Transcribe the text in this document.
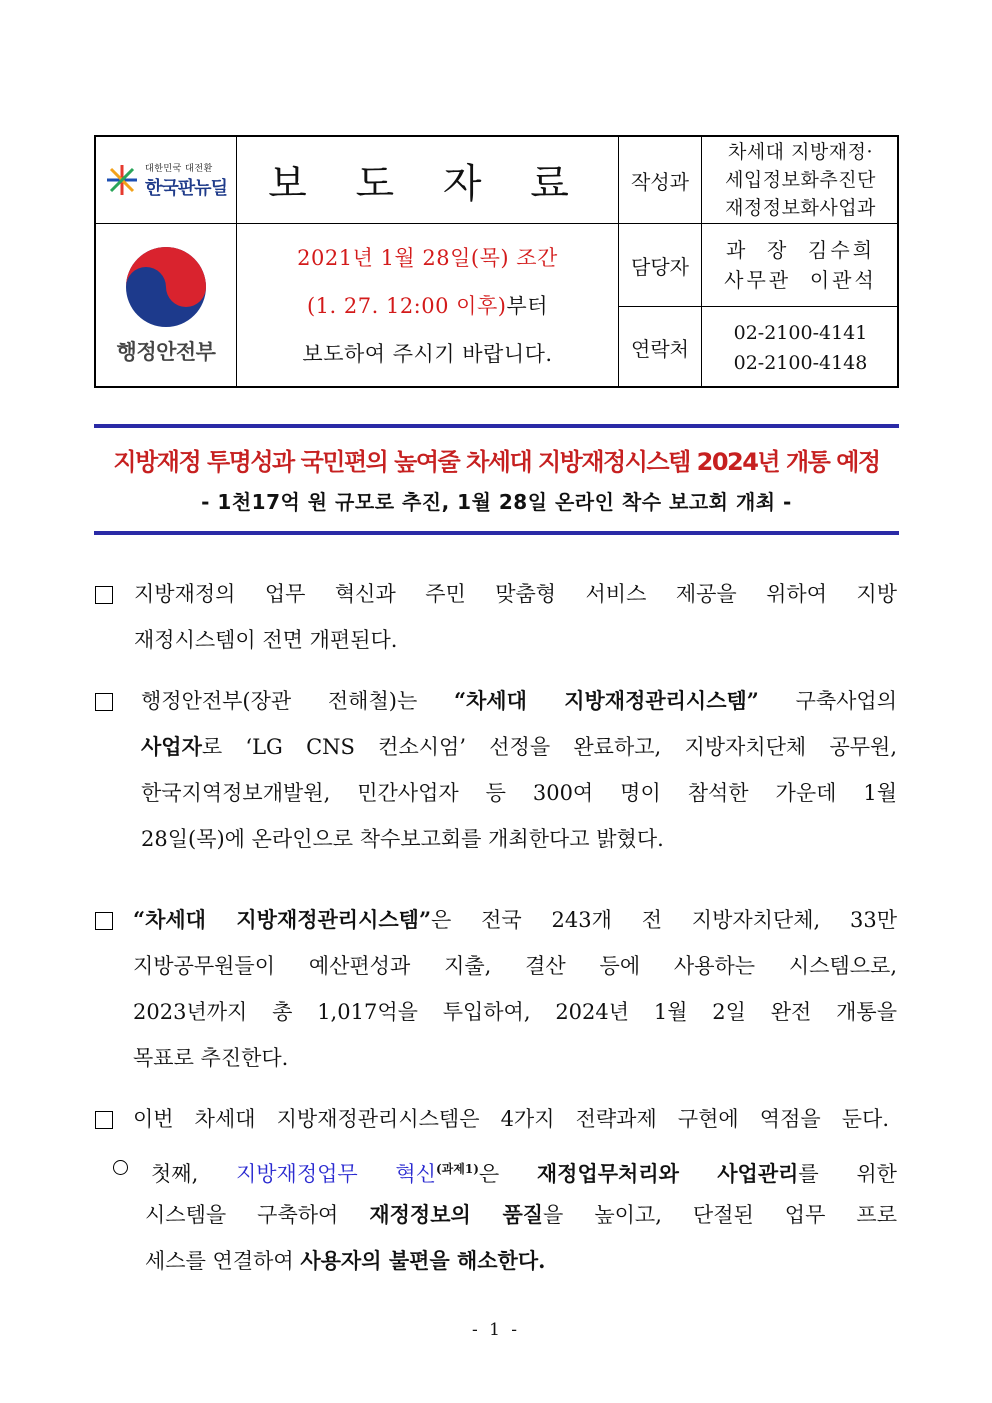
대한민국 대전환
한국판뉴딜	보 도 자 료	작성과
차세대 지방재정·
세입정보화추진단
재정정보화사업과
행정안전부
2021년 1월 28일(목) 조간
(1. 27. 12:00 이후)부터
보도하여 주시기 바랍니다.
담당자
과  장  김수희
사무관  이관석
연락처
02-2100-4141
02-2100-4148
지방재정 투명성과 국민편의 높여줄 차세대 지방재정시스템 2024년 개통 예정
- 1천17억 원 규모로 추진, 1월 28일 온라인 착수 보고회 개최 -
지방재정의 업무 혁신과 주민 맞춤형 서비스 제공을 위하여 지방
재정시스템이 전면 개편된다.
행정안전부(장관 전해철)는 “차세대 지방재정관리시스템” 구축사업의
사업자로 ‘LG CNS 컨소시엄’ 선정을 완료하고, 지방자치단체 공무원,
한국지역정보개발원, 민간사업자 등 300여 명이 참석한 가운데 1월
28일(목)에 온라인으로 착수보고회를 개최한다고 밝혔다.
“차세대 지방재정관리시스템”은 전국 243개 전 지방자치단체, 33만
지방공무원들이 예산편성과 지출, 결산 등에 사용하는 시스템으로,
2023년까지 총 1,017억을 투입하여, 2024년 1월 2일 완전 개통을
목표로 추진한다.
이번 차세대 지방재정관리시스템은 4가지 전략과제 구현에 역점을 둔다.
첫째, 지방재정업무 혁신$^{(과제1)}$은 재정업무처리와 사업관리를 위한
시스템을 구축하여 재정정보의 품질을 높이고, 단절된 업무 프로
세스를 연결하여 사용자의 불편을 해소한다.
- 1 -
